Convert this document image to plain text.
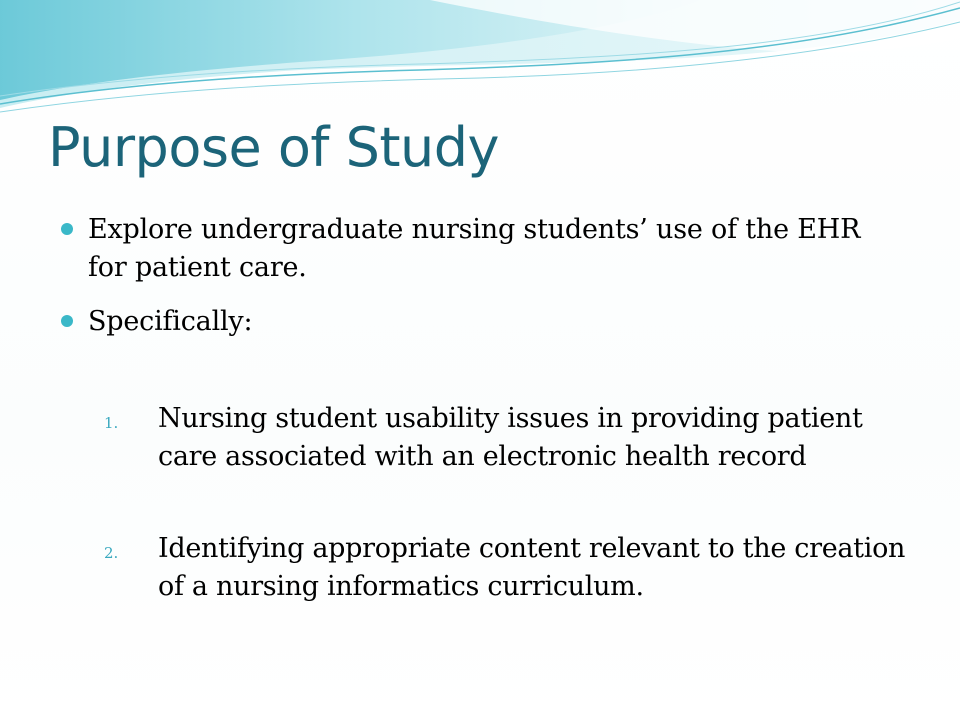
Purpose of Study
Explore undergraduate nursing students’ use of the EHR for patient care.
Specifically:
1. Nursing student usability issues in providing patient care associated with an electronic health record
2. Identifying appropriate content relevant to the creation of a nursing informatics curriculum.
